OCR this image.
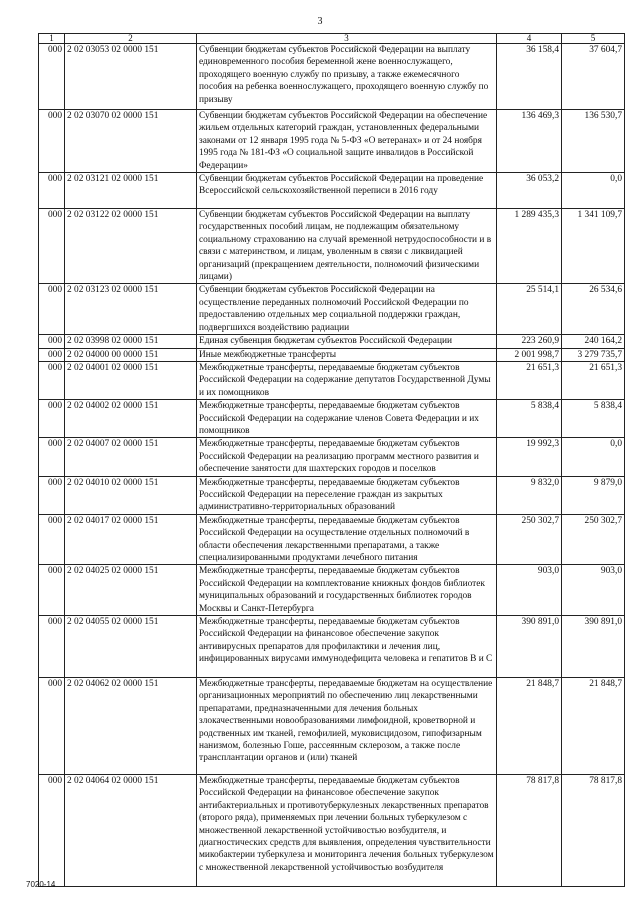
3
1	2	3	4	5
000	2 02 03053 02 0000 151	Субвенции бюджетам субъектов Российской Федерации на выплату единовременного пособия беременной жене военнослужащего, проходящего военную службу по призыву, а также ежемесячного пособия на ребенка военнослужащего, проходящего военную службу по призыву	36 158,4	37 604,7
000	2 02 03070 02 0000 151	Субвенции бюджетам субъектов Российской Федерации на обеспечение жильем отдельных категорий граждан, установленных федеральными законами от 12 января 1995 года № 5-ФЗ «О ветеранах» и от 24 ноября 1995 года № 181-ФЗ «О социальной защите инвалидов в Российской Федерации»	136 469,3	136 530,7
000	2 02 03121 02 0000 151	Субвенции бюджетам субъектов Российской Федерации на проведение Всероссийской сельскохозяйственной переписи в 2016 году	36 053,2	0,0
000	2 02 03122 02 0000 151	Субвенции бюджетам субъектов Российской Федерации на выплату государственных пособий лицам, не подлежащим обязательному социальному страхованию на случай временной нетрудоспособности и в связи с материнством, и лицам, уволенным в связи с ликвидацией организаций (прекращением деятельности, полномочий физическими лицами)	1 289 435,3	1 341 109,7
000	2 02 03123 02 0000 151	Субвенции бюджетам субъектов Российской Федерации на осуществление переданных полномочий Российской Федерации по предоставлению отдельных мер социальной поддержки граждан, подвергшихся воздействию радиации	25 514,1	26 534,6
000	2 02 03998 02 0000 151	Единая субвенция бюджетам субъектов Российской Федерации	223 260,9	240 164,2
000	2 02 04000 00 0000 151	Иные межбюджетные трансферты	2 001 998,7	3 279 735,7
000	2 02 04001 02 0000 151	Межбюджетные трансферты, передаваемые бюджетам субъектов Российской Федерации на содержание депутатов Государственной Думы и их помощников	21 651,3	21 651,3
000	2 02 04002 02 0000 151	Межбюджетные трансферты, передаваемые бюджетам субъектов Российской Федерации на содержание членов Совета Федерации и их помощников	5 838,4	5 838,4
000	2 02 04007 02 0000 151	Межбюджетные трансферты, передаваемые бюджетам субъектов Российской Федерации на реализацию программ местного развития и обеспечение занятости для шахтерских городов и поселков	19 992,3	0,0
000	2 02 04010 02 0000 151	Межбюджетные трансферты, передаваемые бюджетам субъектов Российской Федерации на переселение граждан из закрытых административно-территориальных образований	9 832,0	9 879,0
000	2 02 04017 02 0000 151	Межбюджетные трансферты, передаваемые бюджетам субъектов Российской Федерации на осуществление отдельных полномочий в области обеспечения лекарственными препаратами, а также специализированными продуктами лечебного питания	250 302,7	250 302,7
000	2 02 04025 02 0000 151	Межбюджетные трансферты, передаваемые бюджетам субъектов Российской Федерации на комплектование книжных фондов библиотек муниципальных образований и государственных библиотек городов Москвы и Санкт-Петербурга	903,0	903,0
000	2 02 04055 02 0000 151	Межбюджетные трансферты, передаваемые бюджетам субъектов Российской Федерации на финансовое обеспечение закупок антивирусных препаратов для профилактики и лечения лиц, инфицированных вирусами иммунодефицита человека и гепатитов В и С	390 891,0	390 891,0
000	2 02 04062 02 0000 151	Межбюджетные трансферты, передаваемые бюджетам на осуществление организационных мероприятий по обеспечению лиц лекарственными препаратами, предназначенными для лечения больных злокачественными новообразованиями лимфоидной, кроветворной и родственных им тканей, гемофилией, муковисцидозом, гипофизарным нанизмом, болезнью Гоше, рассеянным склерозом, а также после трансплантации органов и (или) тканей	21 848,7	21 848,7
000	2 02 04064 02 0000 151	Межбюджетные трансферты, передаваемые бюджетам субъектов Российской Федерации на финансовое обеспечение закупок антибактериальных и противотуберкулезных лекарственных препаратов (второго ряда), применяемых при лечении больных туберкулезом с множественной лекарственной устойчивостью возбудителя, и диагностических средств для выявления, определения чувствительности микобактерии туберкулеза и мониторинга лечения больных туберкулезом с множественной лекарственной устойчивостью возбудителя	78 817,8	78 817,8
7020-14
